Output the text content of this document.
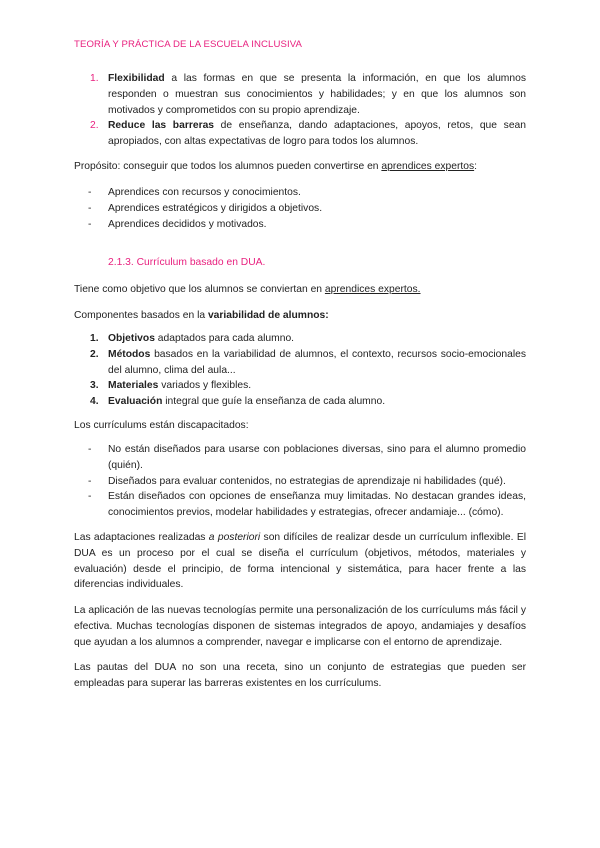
TEORÍA Y PRÁCTICA DE LA ESCUELA INCLUSIVA
1. Flexibilidad a las formas en que se presenta la información, en que los alumnos responden o muestran sus conocimientos y habilidades; y en que los alumnos son motivados y comprometidos con su propio aprendizaje.
2. Reduce las barreras de enseñanza, dando adaptaciones, apoyos, retos, que sean apropiados, con altas expectativas de logro para todos los alumnos.

Propósito: conseguir que todos los alumnos pueden convertirse en aprendices expertos:

- Aprendices con recursos y conocimientos.
- Aprendices estratégicos y dirigidos a objetivos.
- Aprendices decididos y motivados.

2.1.3. Currículum basado en DUA.

Tiene como objetivo que los alumnos se conviertan en aprendices expertos.

Componentes basados en la variabilidad de alumnos:

1. Objetivos adaptados para cada alumno.
2. Métodos basados en la variabilidad de alumnos, el contexto, recursos socio-emocionales del alumno, clima del aula...
3. Materiales variados y flexibles.
4. Evaluación integral que guíe la enseñanza de cada alumno.

Los currículums están discapacitados:

- No están diseñados para usarse con poblaciones diversas, sino para el alumno promedio (quién).
- Diseñados para evaluar contenidos, no estrategias de aprendizaje ni habilidades (qué).
- Están diseñados con opciones de enseñanza muy limitadas. No destacan grandes ideas, conocimientos previos, modelar habilidades y estrategias, ofrecer andamiaje... (cómo).

Las adaptaciones realizadas a posteriori son difíciles de realizar desde un currículum inflexible. El DUA es un proceso por el cual se diseña el currículum (objetivos, métodos, materiales y evaluación) desde el principio, de forma intencional y sistemática, para hacer frente a las diferencias individuales.

La aplicación de las nuevas tecnologías permite una personalización de los currículums más fácil y efectiva. Muchas tecnologías disponen de sistemas integrados de apoyo, andamiajes y desafíos que ayudan a los alumnos a comprender, navegar e implicarse con el entorno de aprendizaje.

Las pautas del DUA no son una receta, sino un conjunto de estrategias que pueden ser empleadas para superar las barreras existentes en los currículums.
